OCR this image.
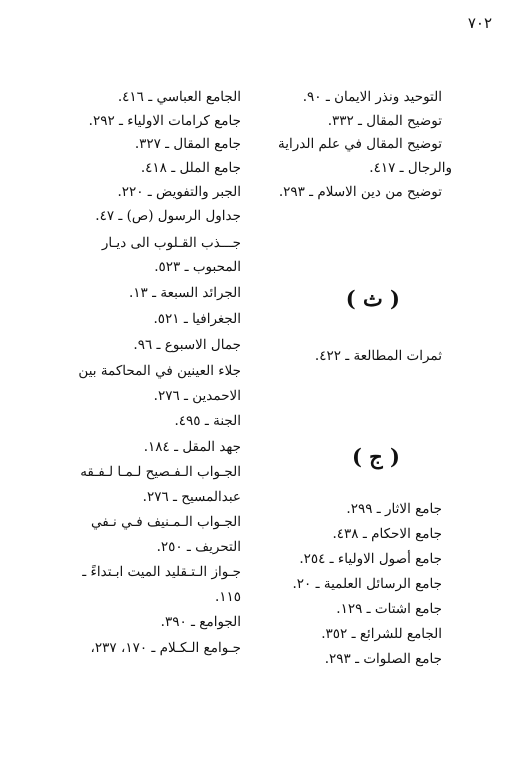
٧٠٢
التوحيد ونذر الايمان ـ ٩٠.
توضيح المقال ـ ٣٣٢.
توضيح المقال في علم الدراية
والرجال ـ ٤١٧.
توضيح من دين الاسلام ـ ٢٩٣.
( ث )
ثمرات المطالعة ـ ٤٢٢.
( ج )
جامع الاثار ـ ٢٩٩.
جامع الاحكام ـ ٤٣٨.
جامع أصول الاولياء ـ ٢٥٤.
جامع الرسائل العلمية ـ ٢٠.
جامع اشتات ـ ١٢٩.
الجامع للشرائع ـ ٣٥٢.
جامع الصلوات ـ ٢٩٣.
الجامع العباسي ـ ٤١٦.
جامع كرامات الاولياء ـ ٢٩٢.
جامع المقال ـ ٣٢٧.
جامع الملل ـ ٤١٨.
الجبر والتفويض ـ ٢٢٠.
جداول الرسول (ص) ـ ٤٧.
جـــذب القـلوب الى ديـار
المحبوب ـ ٥٢٣.
الجرائد السبعة ـ ١٣.
الجغرافيا ـ ٥٢١.
جمال الاسبوع ـ ٩٦.
جلاء العينين في المحاكمة بين
الاحمدين ـ ٢٧٦.
الجنة ـ ٤٩٥.
جهد المقل ـ ١٨٤.
الجـواب الـفـصيح لـمـا لـفـقه
عبدالمسيح ـ ٢٧٦.
الجـواب الـمـنيف فـي نـفي
التحريف ـ ٢٥٠.
جـواز الـتـقليد الميت ابـتداءً ـ
١١٥.
الجوامع ـ ٣٩٠.
جـوامع الـكـلام ـ ١٧٠، ٢٣٧،
